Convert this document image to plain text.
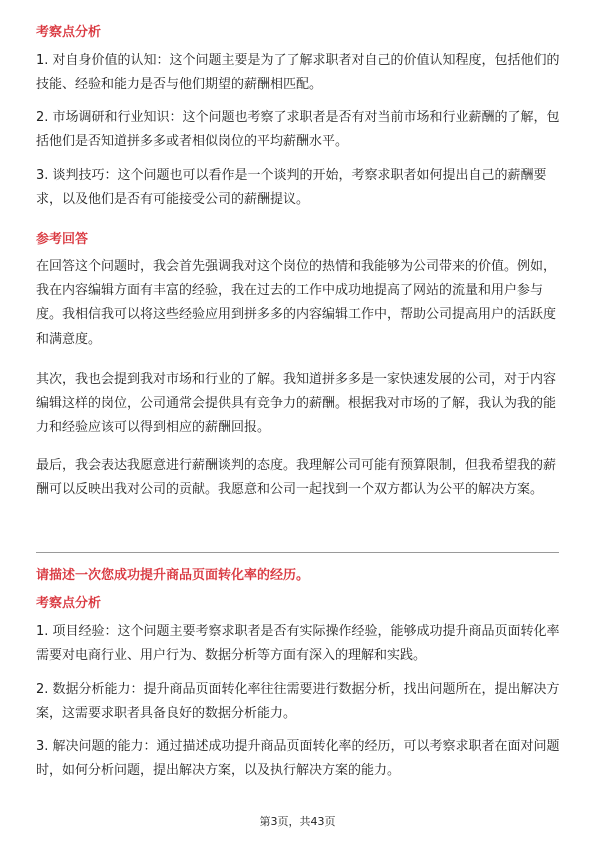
考察点分析

1. 对自身价值的认知：这个问题主要是为了了解求职者对自己的价值认知程度，包括他们的技能、经验和能力是否与他们期望的薪酬相匹配。

2. 市场调研和行业知识：这个问题也考察了求职者是否有对当前市场和行业薪酬的了解，包括他们是否知道拼多多或者相似岗位的平均薪酬水平。

3. 谈判技巧：这个问题也可以看作是一个谈判的开始，考察求职者如何提出自己的薪酬要求，以及他们是否有可能接受公司的薪酬提议。

参考回答

在回答这个问题时，我会首先强调我对这个岗位的热情和我能够为公司带来的价值。例如，我在内容编辑方面有丰富的经验，我在过去的工作中成功地提高了网站的流量和用户参与度。我相信我可以将这些经验应用到拼多多的内容编辑工作中，帮助公司提高用户的活跃度和满意度。

其次，我也会提到我对市场和行业的了解。我知道拼多多是一家快速发展的公司，对于内容编辑这样的岗位，公司通常会提供具有竞争力的薪酬。根据我对市场的了解，我认为我的能力和经验应该可以得到相应的薪酬回报。

最后，我会表达我愿意进行薪酬谈判的态度。我理解公司可能有预算限制，但我希望我的薪酬可以反映出我对公司的贡献。我愿意和公司一起找到一个双方都认为公平的解决方案。

请描述一次您成功提升商品页面转化率的经历。
考察点分析

1. 项目经验：这个问题主要考察求职者是否有实际操作经验，能够成功提升商品页面转化率需要对电商行业、用户行为、数据分析等方面有深入的理解和实践。

2. 数据分析能力：提升商品页面转化率往往需要进行数据分析，找出问题所在，提出解决方案，这需要求职者具备良好的数据分析能力。

3. 解决问题的能力：通过描述成功提升商品页面转化率的经历，可以考察求职者在面对问题时，如何分析问题，提出解决方案，以及执行解决方案的能力。

第3页，共43页
